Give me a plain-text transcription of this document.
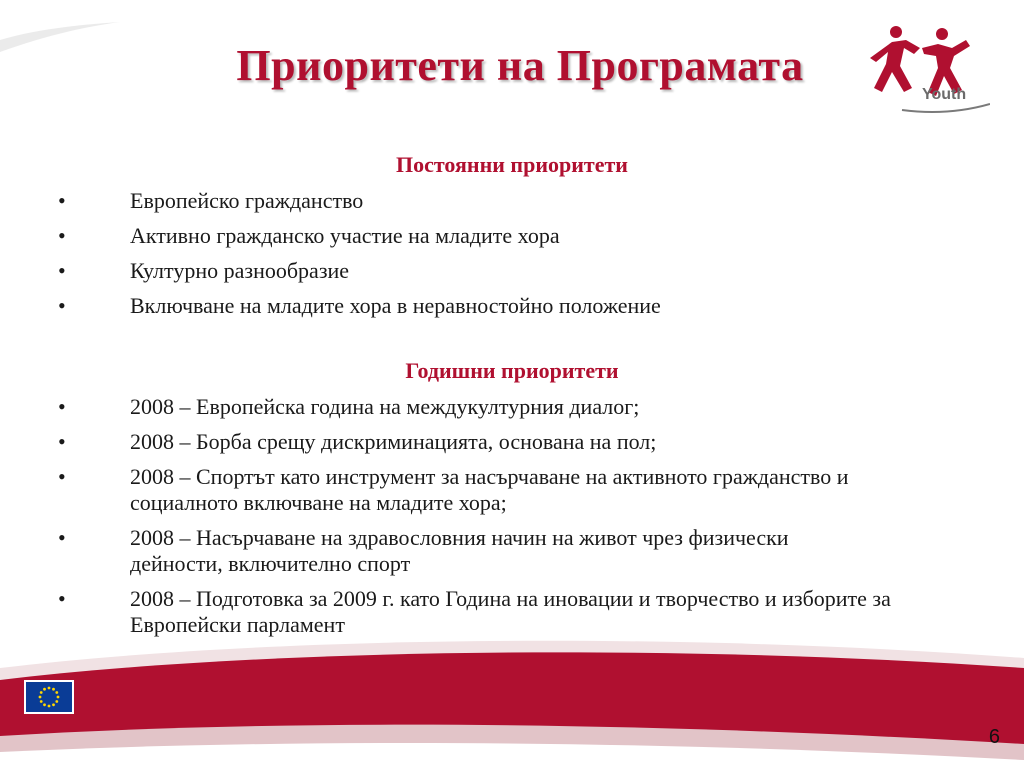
Приоритети на Програмата
Youth
Постоянни приоритети
•	Европейско гражданство
•	Активно гражданско участие на младите хора
•	Културно разнообразие
•	Включване на младите хора в неравностойно положение
Годишни приоритети
•	2008 – Европейска година на междукултурния диалог;
•	2008 – Борба срещу дискриминацията, основана на пол;
•	2008 – Спортът като инструмент за насърчаване на активното гражданство и социалното включване на младите хора;
•	2008 – Насърчаване на здравословния начин на живот чрез физически дейности, включително спорт
•	2008 – Подготовка за 2009 г. като Година на иновации и творчество и изборите за Европейски парламент
6
